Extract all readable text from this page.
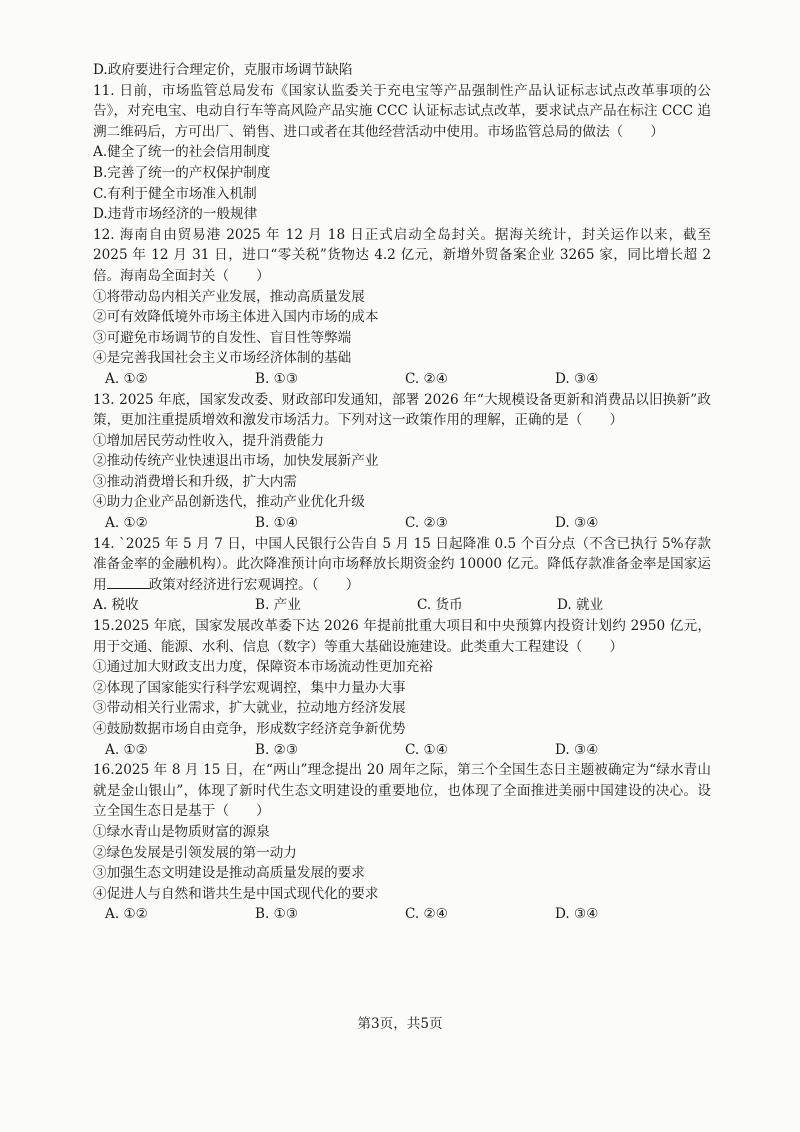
D.政府要进行合理定价，克服市场调节缺陷
11. 日前，市场监管总局发布《国家认监委关于充电宝等产品强制性产品认证标志试点改革事项的公告》，对充电宝、电动自行车等高风险产品实施 CCC 认证标志试点改革，要求试点产品在标注 CCC 追溯二维码后，方可出厂、销售、进口或者在其他经营活动中使用。市场监管总局的做法（　　）
A.健全了统一的社会信用制度
B.完善了统一的产权保护制度
C.有利于健全市场准入机制
D.违背市场经济的一般规律
12. 海南自由贸易港 2025 年 12 月 18 日正式启动全岛封关。据海关统计，封关运作以来，截至 2025 年 12 月 31 日，进口“零关税”货物达 4.2 亿元，新增外贸备案企业 3265 家，同比增长超 2 倍。海南岛全面封关（　　）
①将带动岛内相关产业发展，推动高质量发展
②可有效降低境外市场主体进入国内市场的成本
③可避免市场调节的自发性、盲目性等弊端
④是完善我国社会主义市场经济体制的基础
A. ①②	B. ①③	C. ②④	D. ③④
13. 2025 年底，国家发改委、财政部印发通知，部署 2026 年“大规模设备更新和消费品以旧换新”政策，更加注重提质增效和激发市场活力。下列对这一政策作用的理解，正确的是（　　）
①增加居民劳动性收入，提升消费能力
②推动传统产业快速退出市场，加快发展新产业
③推动消费增长和升级，扩大内需
④助力企业产品创新迭代，推动产业优化升级
A. ①②	B. ①④	C. ②③	D. ③④
14. `2025 年 5 月 7 日，中国人民银行公告自 5 月 15 日起降准 0.5 个百分点（不含已执行 5%存款准备金率的金融机构）。此次降准预计向市场释放长期资金约 10000 亿元。降低存款准备金率是国家运用	政策对经济进行宏观调控。（　　）
A. 税收	B. 产业	C. 货币	D. 就业
15.2025 年底，国家发展改革委下达 2026 年提前批重大项目和中央预算内投资计划约 2950 亿元，用于交通、能源、水利、信息（数字）等重大基础设施建设。此类重大工程建设（　　）
①通过加大财政支出力度，保障资本市场流动性更加充裕
②体现了国家能实行科学宏观调控，集中力量办大事
③带动相关行业需求，扩大就业，拉动地方经济发展
④鼓励数据市场自由竞争，形成数字经济竞争新优势
A. ①②	B. ②③	C. ①④	D. ③④
16.2025 年 8 月 15 日，在“两山”理念提出 20 周年之际，第三个全国生态日主题被确定为“绿水青山就是金山银山”，体现了新时代生态文明建设的重要地位，也体现了全面推进美丽中国建设的决心。设立全国生态日是基于（　　）
①绿水青山是物质财富的源泉
②绿色发展是引领发展的第一动力
③加强生态文明建设是推动高质量发展的要求
④促进人与自然和谐共生是中国式现代化的要求
A. ①②	B. ①③	C. ②④	D. ③④
第3页，共5页
